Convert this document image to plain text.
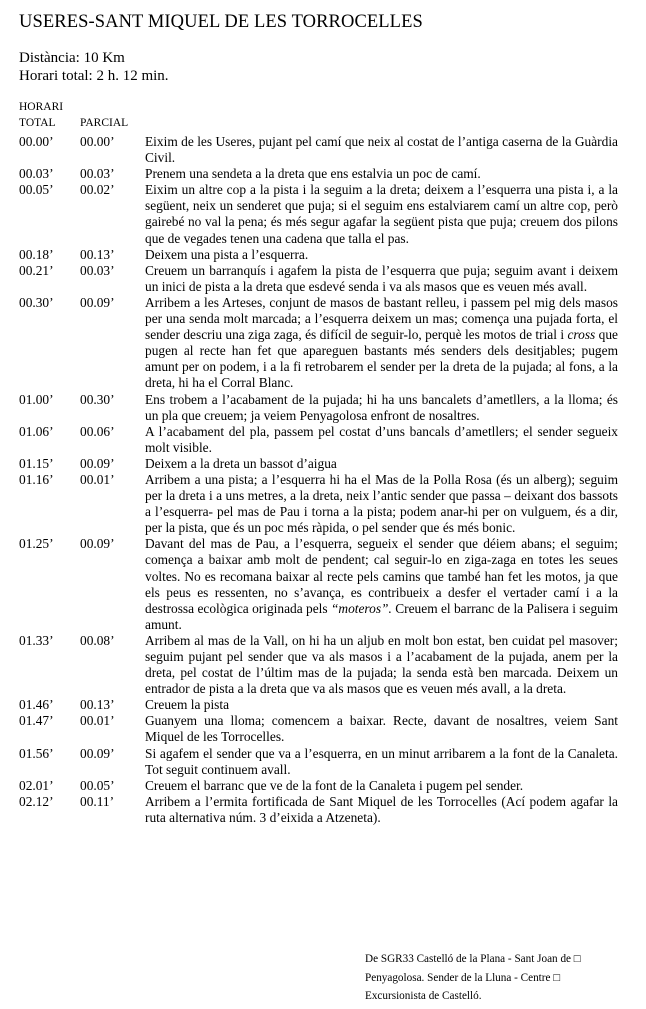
USERES-SANT MIQUEL DE LES TORROCELLES
Distància: 10 Km
Horari total: 2 h. 12 min.
HORARI
TOTAL PARCIAL
00.00’	00.00’	Eixim de les Useres, pujant pel camí que neix al costat de l’antiga caserna de la Guàrdia Civil.
00.03’	00.03’	Prenem una sendeta a la dreta que ens estalvia un poc de camí.
00.05’	00.02’	Eixim un altre cop a la pista i la seguim a la dreta; deixem a l’esquerra una pista i, a la següent, neix un senderet que puja; si el seguim ens estalviarem camí un altre cop, però gairebé no val la pena; és més segur agafar la següent pista que puja; creuem dos pilons que de vegades tenen una cadena que talla el pas.
00.18’	00.13’	Deixem una pista a l’esquerra.
00.21’	00.03’	Creuem un barranquís i agafem la pista de l’esquerra que puja; seguim avant i deixem un inici de pista a la dreta que esdevé senda i va als masos que es veuen més avall.
00.30’	00.09’	Arribem a les Arteses, conjunt de masos de bastant relleu, i passem pel mig dels masos per una senda molt marcada; a l’esquerra deixem un mas; comença una pujada forta, el sender descriu una ziga zaga, és difícil de seguir-lo, perquè les motos de trial i cross que pugen al recte han fet que apareguen bastants més senders dels desitjables; pugem amunt per on podem, i a la fi retrobarem el sender per la dreta de la pujada; al fons, a la dreta, hi ha el Corral Blanc.
01.00’	00.30’	Ens trobem a l’acabament de la pujada; hi ha uns bancalets d’ametllers, a la lloma; és un pla que creuem; ja veiem Penyagolosa enfront de nosaltres.
01.06’	00.06’	A l’acabament del pla, passem pel costat d’uns bancals d’ametllers; el sender segueix molt visible.
01.15’	00.09’	Deixem a la dreta un bassot d’aigua
01.16’	00.01’	Arribem a una pista; a l’esquerra hi ha el Mas de la Polla Rosa (és un alberg); seguim per la dreta i a uns metres, a la dreta, neix l’antic sender que passa – deixant dos bassots a l’esquerra- pel mas de Pau i torna a la pista; podem anar-hi per on vulguem, és a dir, per la pista, que és un poc més ràpida, o pel sender que és més bonic.
01.25’	00.09’	Davant del mas de Pau, a l’esquerra, segueix el sender que déiem abans; el seguim; comença a baixar amb molt de pendent; cal seguir-lo en ziga-zaga en totes les seues voltes. No es recomana baixar al recte pels camins que també han fet les motos, ja que els peus es ressenten, no s’avança, es contribueix a desfer el vertader camí i a la destrossa ecològica originada pels “moteros”. Creuem el barranc de la Palisera i seguim amunt.
01.33’	00.08’	Arribem al mas de la Vall, on hi ha un aljub en molt bon estat, ben cuidat pel masover; seguim pujant pel sender que va als masos i a l’acabament de la pujada, anem per la dreta, pel costat de l’últim mas de la pujada; la senda està ben marcada. Deixem un entrador de pista a la dreta que va als masos que es veuen més avall, a la dreta.
01.46’	00.13’	Creuem la pista
01.47’	00.01’	Guanyem una lloma; comencem a baixar. Recte, davant de nosaltres, veiem Sant Miquel de les Torrocelles.
01.56’	00.09’	Si agafem el sender que va a l’esquerra, en un minut arribarem a la font de la Canaleta. Tot seguit continuem avall.
02.01’	00.05’	Creuem el barranc que ve de la font de la Canaleta i pugem pel sender.
02.12’	00.11’	Arribem a l’ermita fortificada de Sant Miquel de les Torrocelles (Ací podem agafar la ruta alternativa núm. 3 d’eixida a Atzeneta).
De SGR33 Castelló de la Plana - Sant Joan de □
Penyagolosa. Sender de la Lluna - Centre □
Excursionista de Castelló.
